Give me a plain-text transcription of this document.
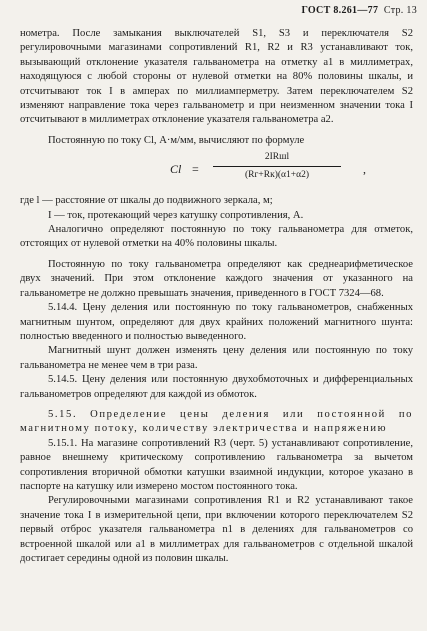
ГОСТ 8.261—77 Стр. 13

нометра. После замыкания выключателей S1, S3 и переключателя S2 регулировочными магазинами сопротивлений R1, R2 и R3 устанавливают ток, вызывающий отклонение указателя гальванометра на отметку a1 в миллиметрах, находящуюся с любой стороны от нулевой отметки на 80% половины шкалы, и отсчитывают ток I в амперах по миллиамперметру. Затем переключателем S2 изменяют направление тока через гальванометр и при неизменном значении тока I отсчитывают в миллиметрах отклонение указателя гальванометра a2.

Постоянную по току Cl, А·м/мм, вычисляют по формуле

Cl =
2IRшl
(Rг+Rк)(α1+α2)	,

где l — расстояние от шкалы до подвижного зеркала, м;

I — ток, протекающий через катушку сопротивления, А.

Аналогично определяют постоянную по току гальванометра для отметок, отстоящих от нулевой отметки на 40% половины шкалы.

Постоянную по току гальванометра определяют как среднеарифметическое двух значений. При этом отклонение каждого значения от указанного на гальванометре не должно превышать значения, приведенного в ГОСТ 7324—68.

5.14.4. Цену деления или постоянную по току гальванометров, снабженных магнитным шунтом, определяют для двух крайних положений магнитного шунта: полностью введенного и полностью выведенного.

Магнитный шунт должен изменять цену деления или постоянную по току гальванометра не менее чем в три раза.

5.14.5. Цену деления или постоянную двухобмоточных и дифференциальных гальванометров определяют для каждой из обмоток.

5.15. Определение цены деления или постоянной по магнитному потоку, количеству электричества и напряжению

5.15.1. На магазине сопротивлений R3 (черт. 5) устанавливают сопротивление, равное внешнему критическому сопротивлению гальванометра за вычетом сопротивления вторичной обмотки катушки взаимной индукции, которое указано в паспорте на катушку или измерено мостом постоянного тока.

Регулировочными магазинами сопротивления R1 и R2 устанавливают такое значение тока I в измерительной цепи, при включении которого переключателем S2 первый отброс указателя гальванометра n1 в делениях для гальванометров со встроенной шкалой или a1 в миллиметрах для гальванометров с отдельной шкалой достигает середины одной из половин шкалы.
